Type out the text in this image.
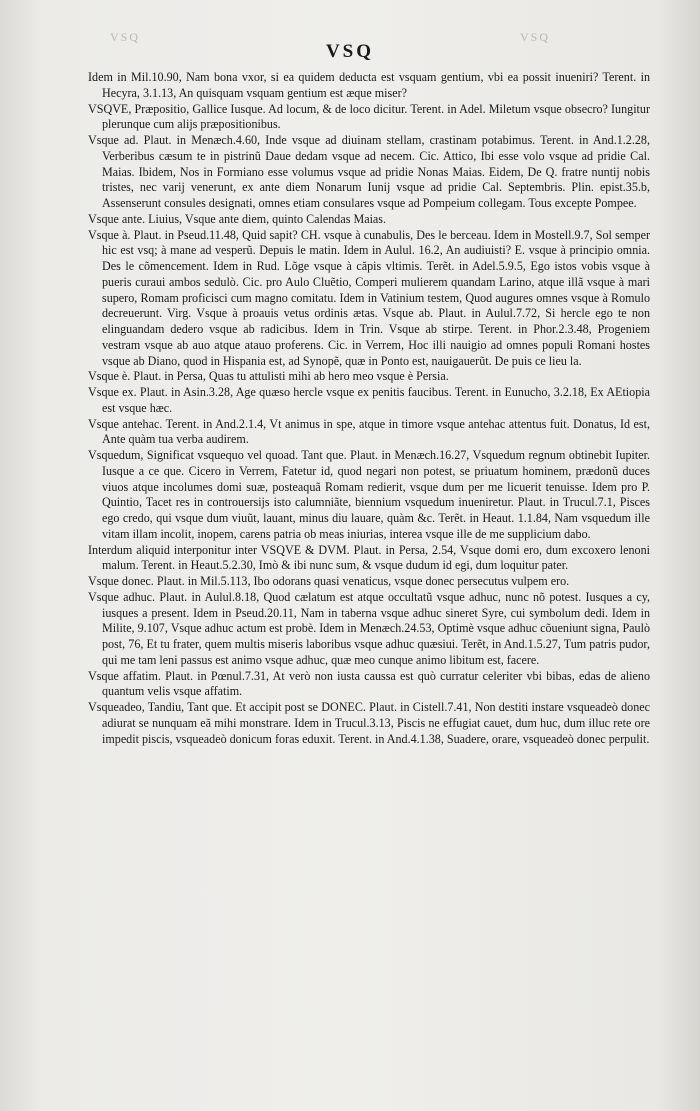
VSQ	VSQ
VSQ

Idem in Mil.10.90, Nam bona vxor, si ea quidem deducta est vsquam gentium, vbi ea possit inueniri? Terent. in Hecyra, 3.1.13, An quisquam vsquam gentium est æque miser?

VSQVE, Præpositio, Gallice Iusque. Ad locum, & de loco dicitur. Terent. in Adel. Miletum vsque obsecro? Iungitur plerunque cum alijs præpositionibus.

Vsque ad. Plaut. in Menæch.4.60, Inde vsque ad diuinam stellam, crastinam potabimus. Terent. in And.1.2.28, Verberibus cæsum te in pistrinũ Daue dedam vsque ad necem. Cic. Attico, Ibi esse volo vsque ad pridie Cal. Maias. Ibidem, Nos in Formiano esse volumus vsque ad pridie Nonas Maias. Eidem, De Q. fratre nuntij nobis tristes, nec varij venerunt, ex ante diem Nonarum Iunij vsque ad pridie Cal. Septembris. Plin. epist.35.b, Assenserunt consules designati, omnes etiam consulares vsque ad Pompeium collegam. Tous excepte Pompee.

Vsque ante. Liuius, Vsque ante diem, quinto Calendas Maias.

Vsque à. Plaut. in Pseud.11.48, Quid sapit? CH. vsque à cunabulis, Des le berceau. Idem in Mostell.9.7, Sol semper hic est vsq; à mane ad vesperũ. Depuis le matin. Idem in Aulul. 16.2, An audiuisti? E. vsque à principio omnia. Des le cõmencement. Idem in Rud. Lõge vsque à căpis vltimis. Terẽt. in Adel.5.9.5, Ego istos vobis vsque à pueris curaui ambos sedulò. Cic. pro Aulo Cluẽtio, Comperi mulierem quandam Larino, atque illã vsque à mari supero, Romam proficisci cum magno comitatu. Idem in Vatinium testem, Quod augures omnes vsque à Romulo decreuerunt. Virg. Vsque à proauis vetus ordinis ætas. Vsque ab. Plaut. in Aulul.7.72, Si hercle ego te non elinguandam dedero vsque ab radicibus. Idem in Trin. Vsque ab stirpe. Terent. in Phor.2.3.48, Progeniem vestram vsque ab auo atque atauo proferens. Cic. in Verrem, Hoc illi nauigio ad omnes populi Romani hostes vsque ab Diano, quod in Hispania est, ad Synopẽ, quæ in Ponto est, nauigauerũt. De puis ce lieu la.

Vsque è. Plaut. in Persa, Quas tu attulisti mihi ab hero meo vsque è Persia.

Vsque ex. Plaut. in Asin.3.28, Age quæso hercle vsque ex penitis faucibus. Terent. in Eunucho, 3.2.18, Ex AEtiopia est vsque hæc.

Vsque antehac. Terent. in And.2.1.4, Vt animus in spe, atque in timore vsque antehac attentus fuit. Donatus, Id est, Ante quàm tua verba audirem.

Vsquedum, Significat vsquequo vel quoad. Tant que. Plaut. in Menæch.16.27, Vsquedum regnum obtinebit Iupiter. Iusque a ce que. Cicero in Verrem, Fatetur id, quod negari non potest, se priuatum hominem, prædonũ duces viuos atque incolumes domi suæ, posteaquã Romam redierit, vsque dum per me licuerit tenuisse. Idem pro P. Quintio, Tacet res in controuersijs isto calumniãte, biennium vsquedum inueniretur. Plaut. in Trucul.7.1, Pisces ego credo, qui vsque dum viuũt, lauant, minus diu lauare, quàm &c. Terẽt. in Heaut. 1.1.84, Nam vsquedum ille vitam illam incolit, inopem, carens patria ob meas iniurias, interea vsque ille de me supplicium dabo.

Interdum aliquid interponitur inter VSQVE & DVM. Plaut. in Persa, 2.54, Vsque domi ero, dum excoxero lenoni malum. Terent. in Heaut.5.2.30, Imò & ibi nunc sum, & vsque dudum id egi, dum loquitur pater.

Vsque donec. Plaut. in Mil.5.113, Ibo odorans quasi venaticus, vsque donec persecutus vulpem ero.

Vsque adhuc. Plaut. in Aulul.8.18, Quod cælatum est atque occultatũ vsque adhuc, nunc nõ potest. Iusques a cy, iusques a present. Idem in Pseud.20.11, Nam in taberna vsque adhuc sineret Syre, cui symbolum dedi. Idem in Milite, 9.107, Vsque adhuc actum est probè. Idem in Menæch.24.53, Optimè vsque adhuc cõueniunt signa, Paulò post, 76, Et tu frater, quem multis miseris laboribus vsque adhuc quæsiui. Terẽt, in And.1.5.27, Tum patris pudor, qui me tam leni passus est animo vsque adhuc, quæ meo cunque animo libitum est, facere.

Vsque affatim. Plaut. in Pœnul.7.31, At verò non iusta caussa est quò curratur celeriter vbi bibas, edas de alieno quantum velis vsque affatim.

Vsqueadeo, Tandiu, Tant que. Et accipit post se DONEC. Plaut. in Cistell.7.41, Non destiti instare vsqueadeò donec adiurat se nunquam eã mihi monstrare. Idem in Trucul.3.13, Piscis ne effugiat cauet, dum huc, dum illuc rete ore impedit piscis, vsqueadeò donicum foras eduxit. Terent. in And.4.1.38, Suadere, orare, vsqueadeò donec perpulit.
